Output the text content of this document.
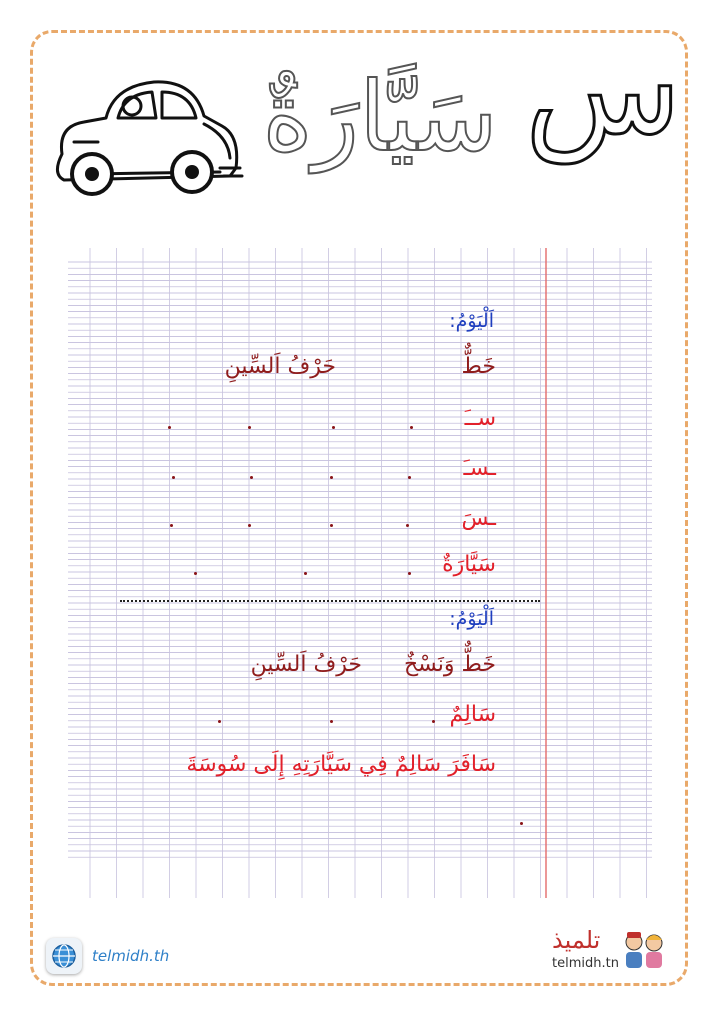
س
سَيَّارَةٌ
اَلْيَوْمُ:
خَطٌّ
حَرْفُ اَلسِّينِ
ســَ
ـسـَ
ـسَ
سَيَّارَةٌ
اَلْيَوْمُ:
خَطٌّ وَنَسْخٌ
حَرْفُ اَلسِّينِ
سَالِمٌ
سَافَرَ سَالِمٌ فِي سَيَّارَتِهِ إِلَى سُوسَةَ
telmidh.th
تلميذ
telmidh.tn
